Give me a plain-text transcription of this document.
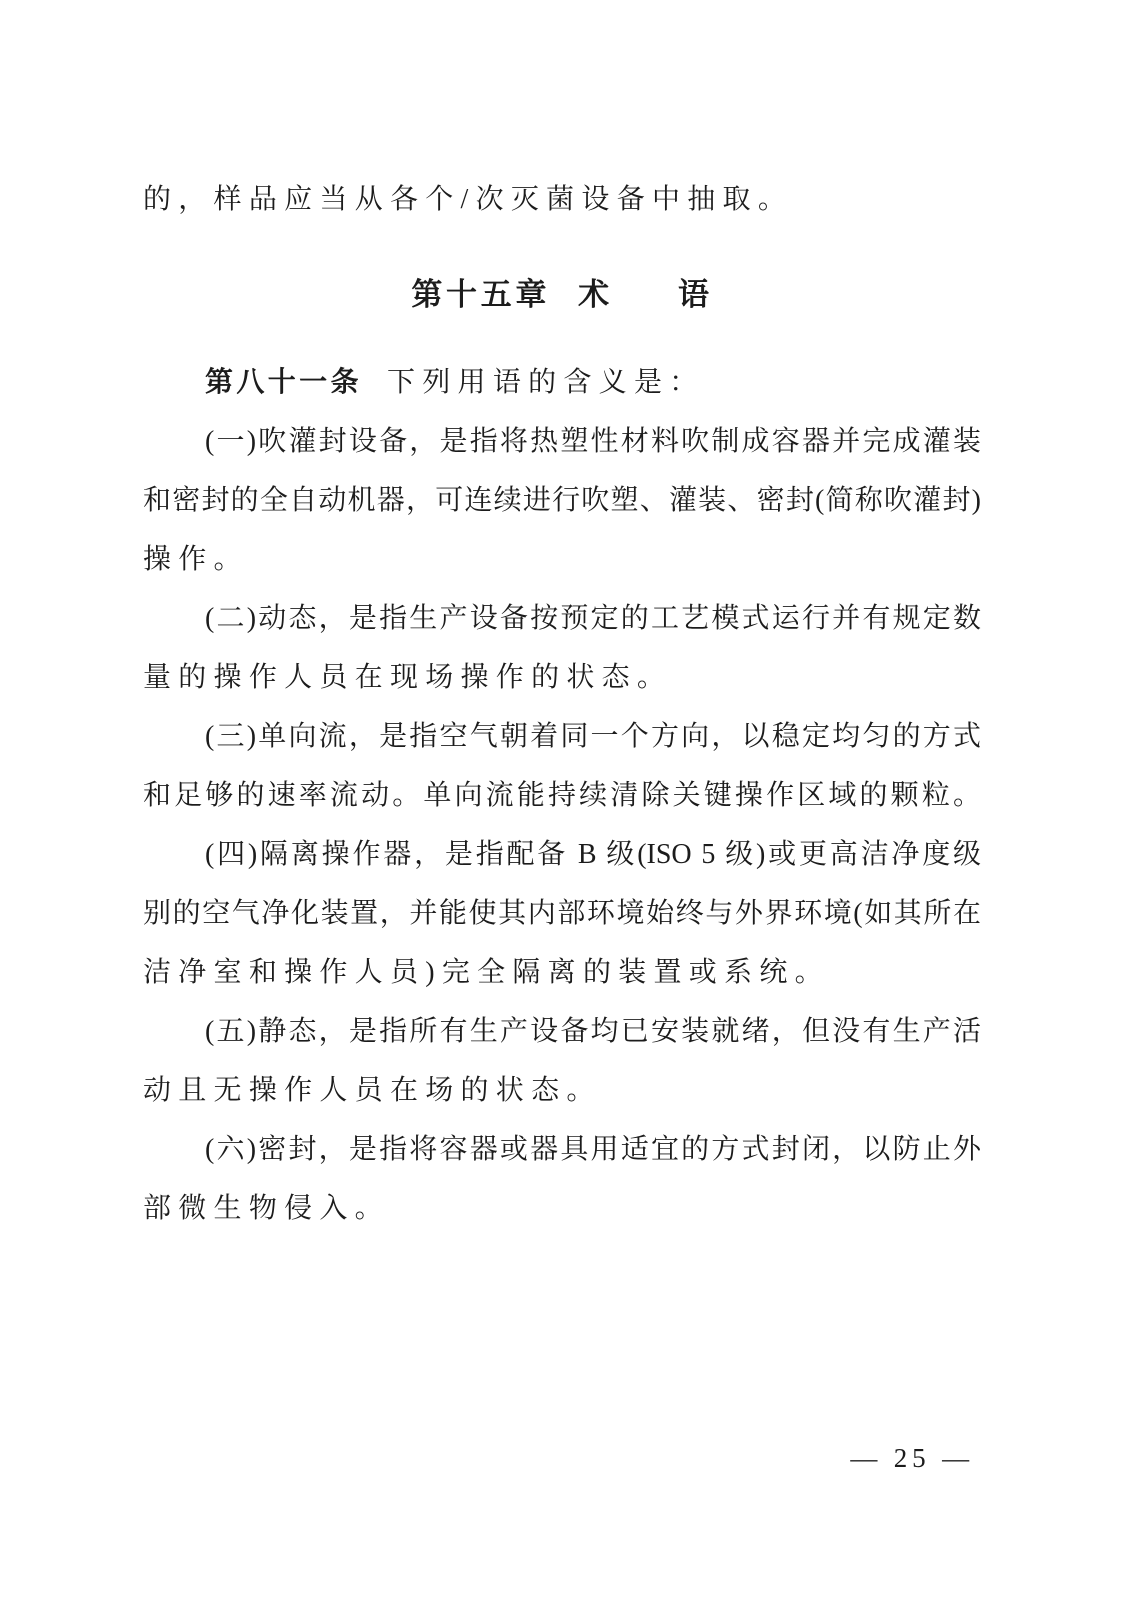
的，样品应当从各个/次灭菌设备中抽取。
第十五章 术 语
第八十一条 下列用语的含义是：
(一)吹灌封设备，是指将热塑性材料吹制成容器并完成灌装
和密封的全自动机器，可连续进行吹塑、灌装、密封(简称吹灌封)
操作。
(二)动态，是指生产设备按预定的工艺模式运行并有规定数
量的操作人员在现场操作的状态。
(三)单向流，是指空气朝着同一个方向，以稳定均匀的方式
和足够的速率流动。单向流能持续清除关键操作区域的颗粒。
(四)隔离操作器，是指配备 B 级(ISO 5 级)或更高洁净度级
别的空气净化装置，并能使其内部环境始终与外界环境(如其所在
洁净室和操作人员)完全隔离的装置或系统。
(五)静态，是指所有生产设备均已安装就绪，但没有生产活
动且无操作人员在场的状态。
(六)密封，是指将容器或器具用适宜的方式封闭，以防止外
部微生物侵入。
— 25 —
